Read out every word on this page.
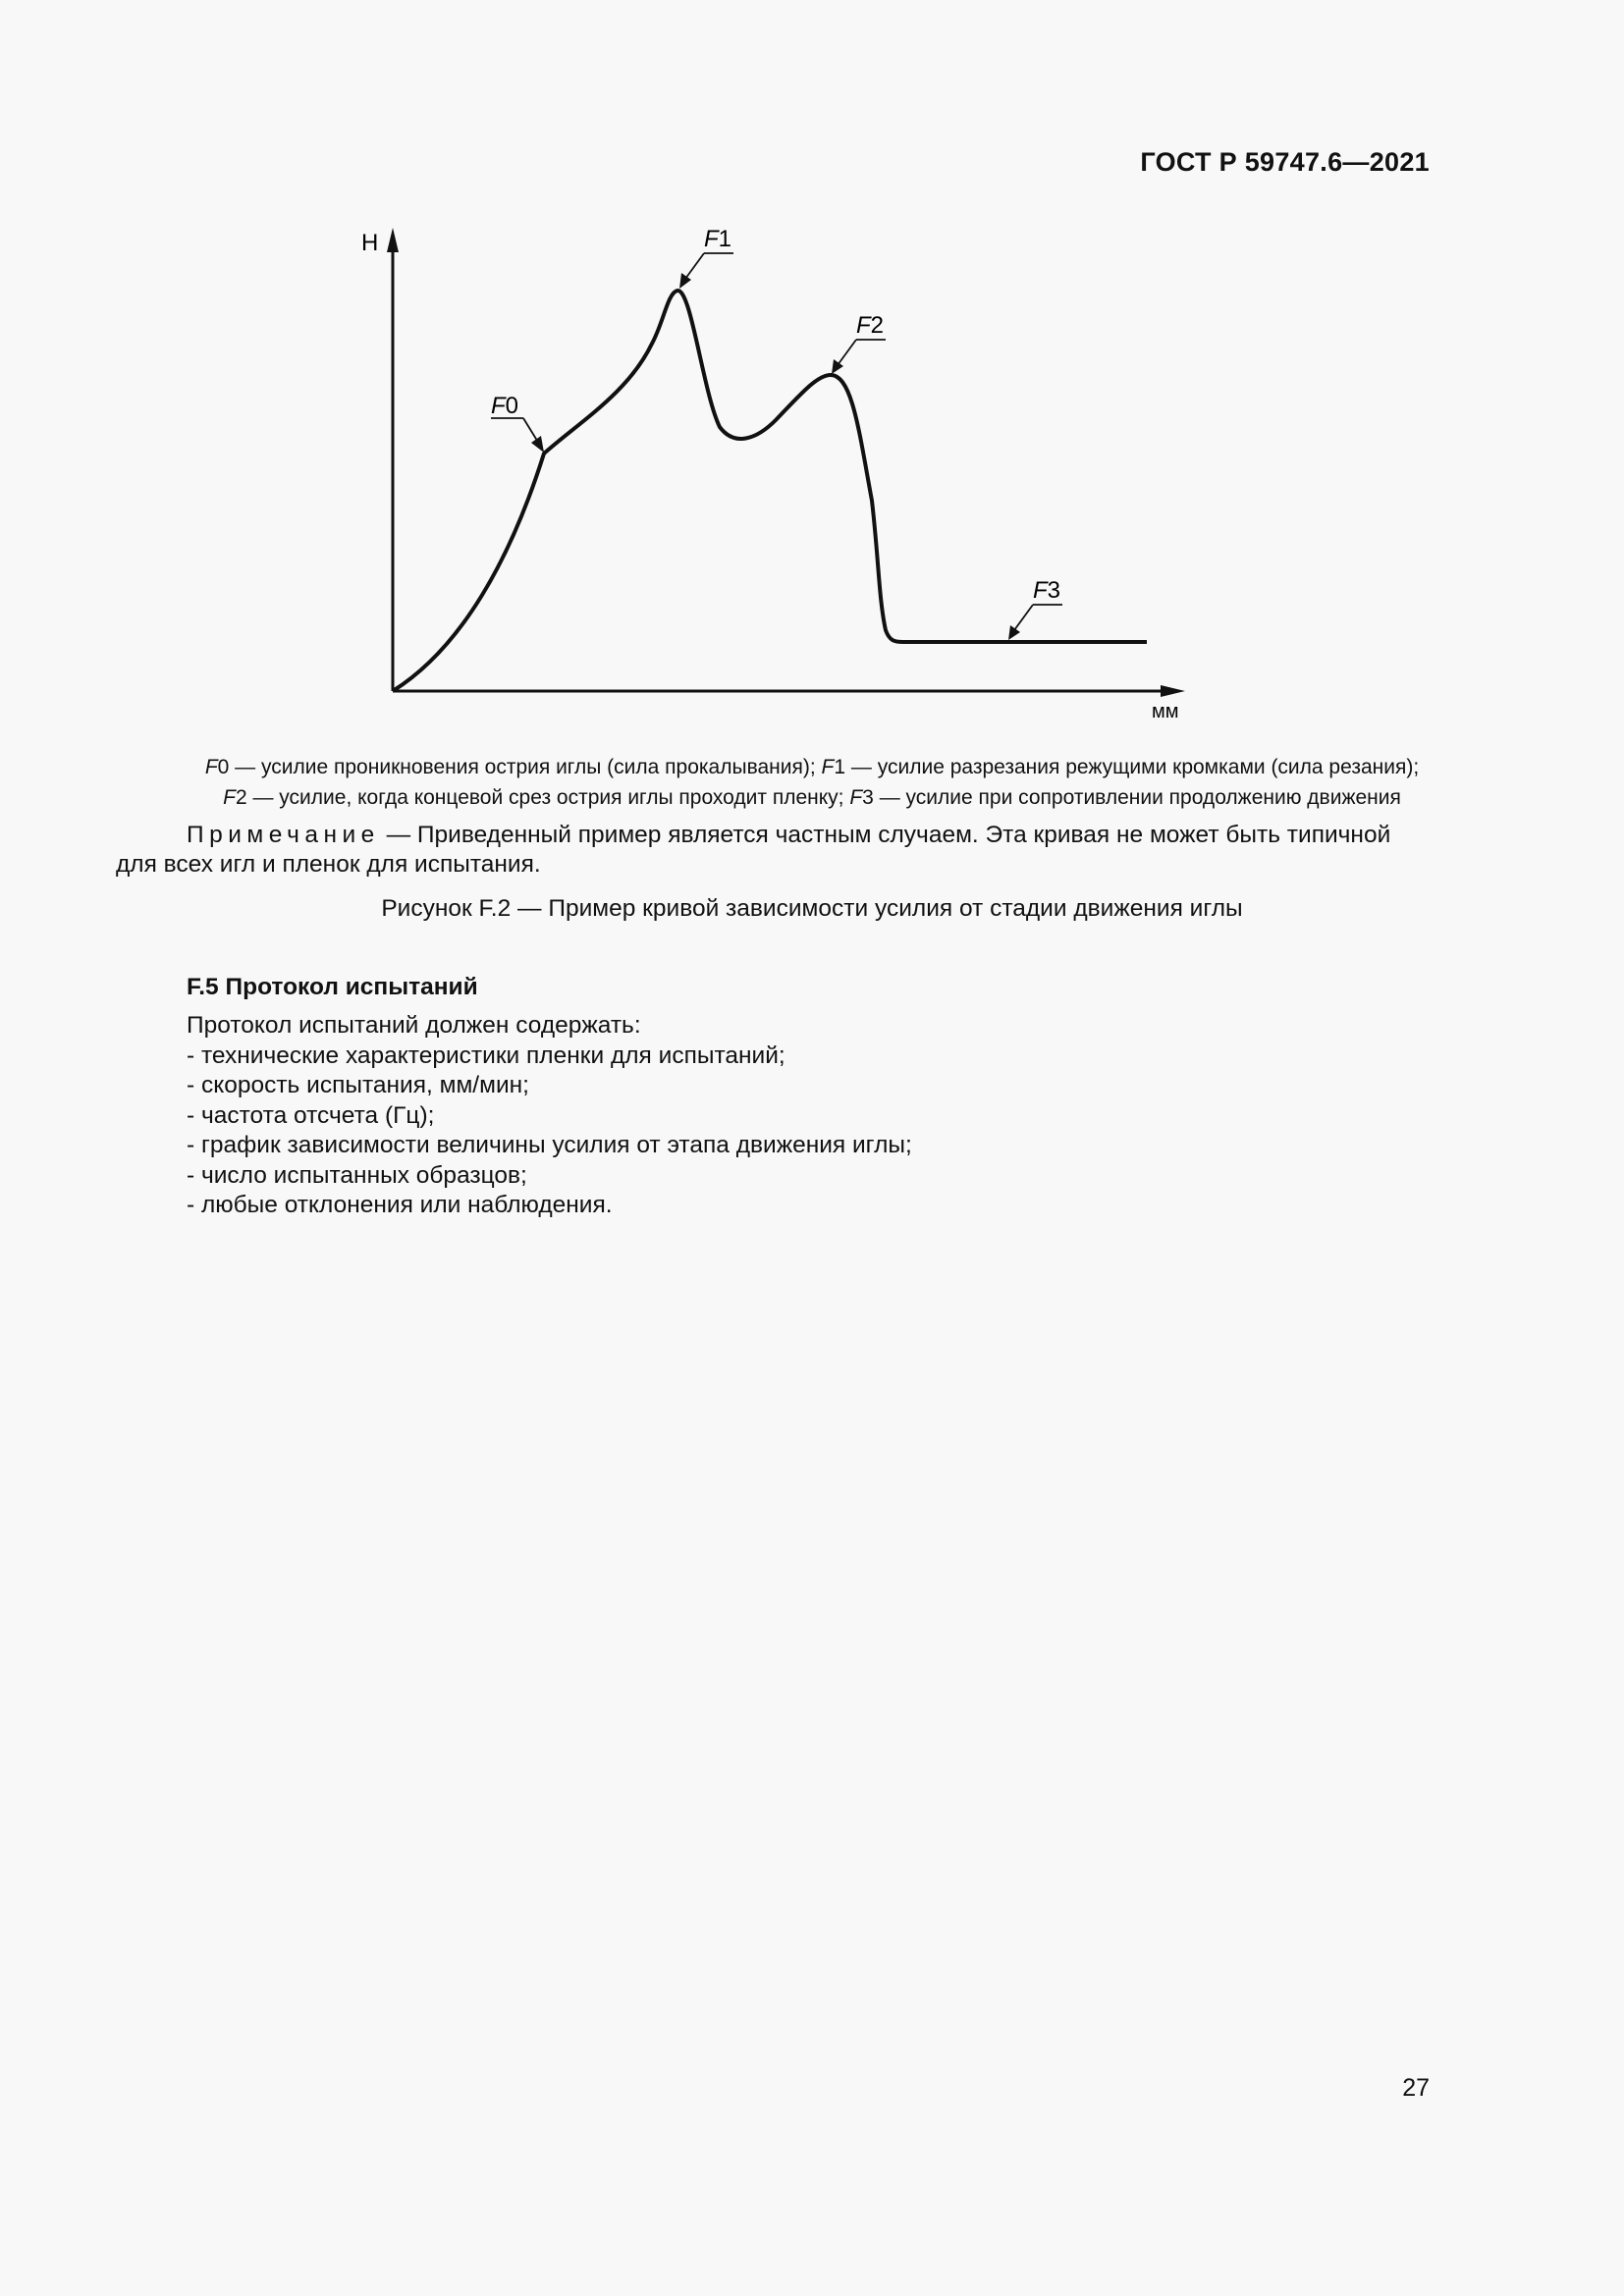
ГОСТ Р 59747.6—2021
Н
мм
F0
F1
F2
F3
F0 — усилие проникновения острия иглы (сила прокалывания); F1 — усилие разрезания режущими кромками (сила резания);
F2 — усилие, когда концевой срез острия иглы проходит пленку; F3 — усилие при сопротивлении продолжению движения
Примечание — Приведенный пример является частным случаем. Эта кривая не может быть типичной для всех игл и пленок для испытания.
Рисунок F.2 — Пример кривой зависимости усилия от стадии движения иглы
F.5 Протокол испытаний
Протокол испытаний должен содержать:
- технические характеристики пленки для испытаний;
- скорость испытания, мм/мин;
- частота отсчета (Гц);
- график зависимости величины усилия от этапа движения иглы;
- число испытанных образцов;
- любые отклонения или наблюдения.
27
